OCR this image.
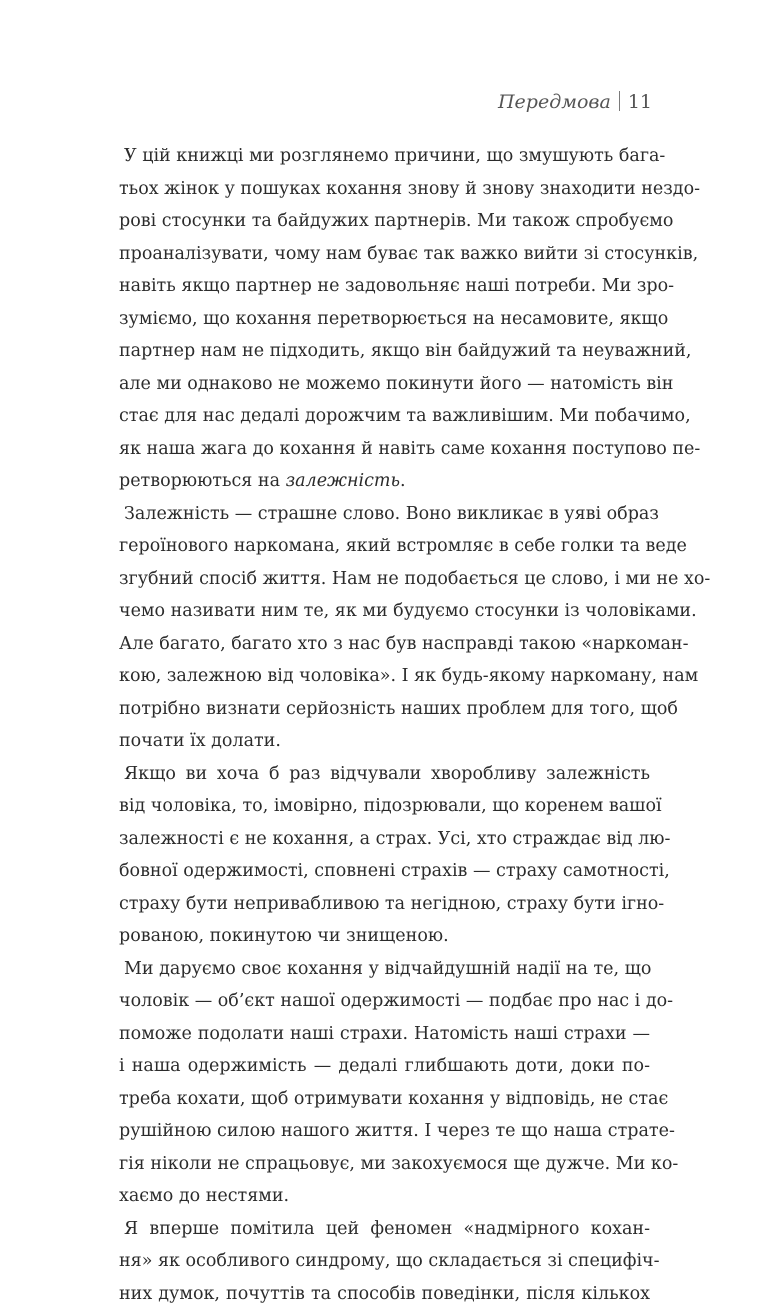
Передмова 11

У цій книжці ми розглянемо причини, що змушують бага-
тьох жінок у пошуках кохання знову й знову знаходити нездо-
рові стосунки та байдужих партнерів. Ми також спробуємо
проаналізувати, чому нам буває так важко вийти зі стосунків,
навіть якщо партнер не задовольняє наші потреби. Ми зро-
зуміємо, що кохання перетворюється на несамовите, якщо
партнер нам не підходить, якщо він байдужий та неуважний,
але ми однаково не можемо покинути його — натомість він
стає для нас дедалі дорожчим та важливішим. Ми побачимо,
як наша жага до кохання й навіть саме кохання поступово пе-
ретворюються на залежність.

Залежність — страшне слово. Воно викликає в уяві образ
героїнового наркомана, який встромляє в себе голки та веде
згубний спосіб життя. Нам не подобається це слово, і ми не хо-
чемо називати ним те, як ми будуємо стосунки із чоловіками.
Але багато, багато хто з нас був насправді такою «наркоман-
кою, залежною від чоловіка». І як будь-якому наркоману, нам
потрібно визнати серйозність наших проблем для того, щоб
почати їх долати.

Якщо ви хоча б раз відчували хворобливу залежність
від чоловіка, то, імовірно, підозрювали, що коренем вашої
залежності є не кохання, а страх. Усі, хто страждає від лю-
бовної одержимості, сповнені страхів — страху самотності,
страху бути непривабливою та негідною, страху бути ігно-
рованою, покинутою чи знищеною.

Ми даруємо своє кохання у відчайдушній надії на те, що
чоловік — об’єкт нашої одержимості — подбає про нас і до-
поможе подолати наші страхи. Натомість наші страхи —
і наша одержимість — дедалі глибшають доти, доки по-
треба кохати, щоб отримувати кохання у відповідь, не стає
рушійною силою нашого життя. І через те що наша страте-
гія ніколи не спрацьовує, ми закохуємося ще дужче. Ми ко-
хаємо до нестями.

Я вперше помітила цей феномен «надмірного кохан-
ня» як особливого синдрому, що складається зі специфіч-
них думок, почуттів та способів поведінки, після кількох
